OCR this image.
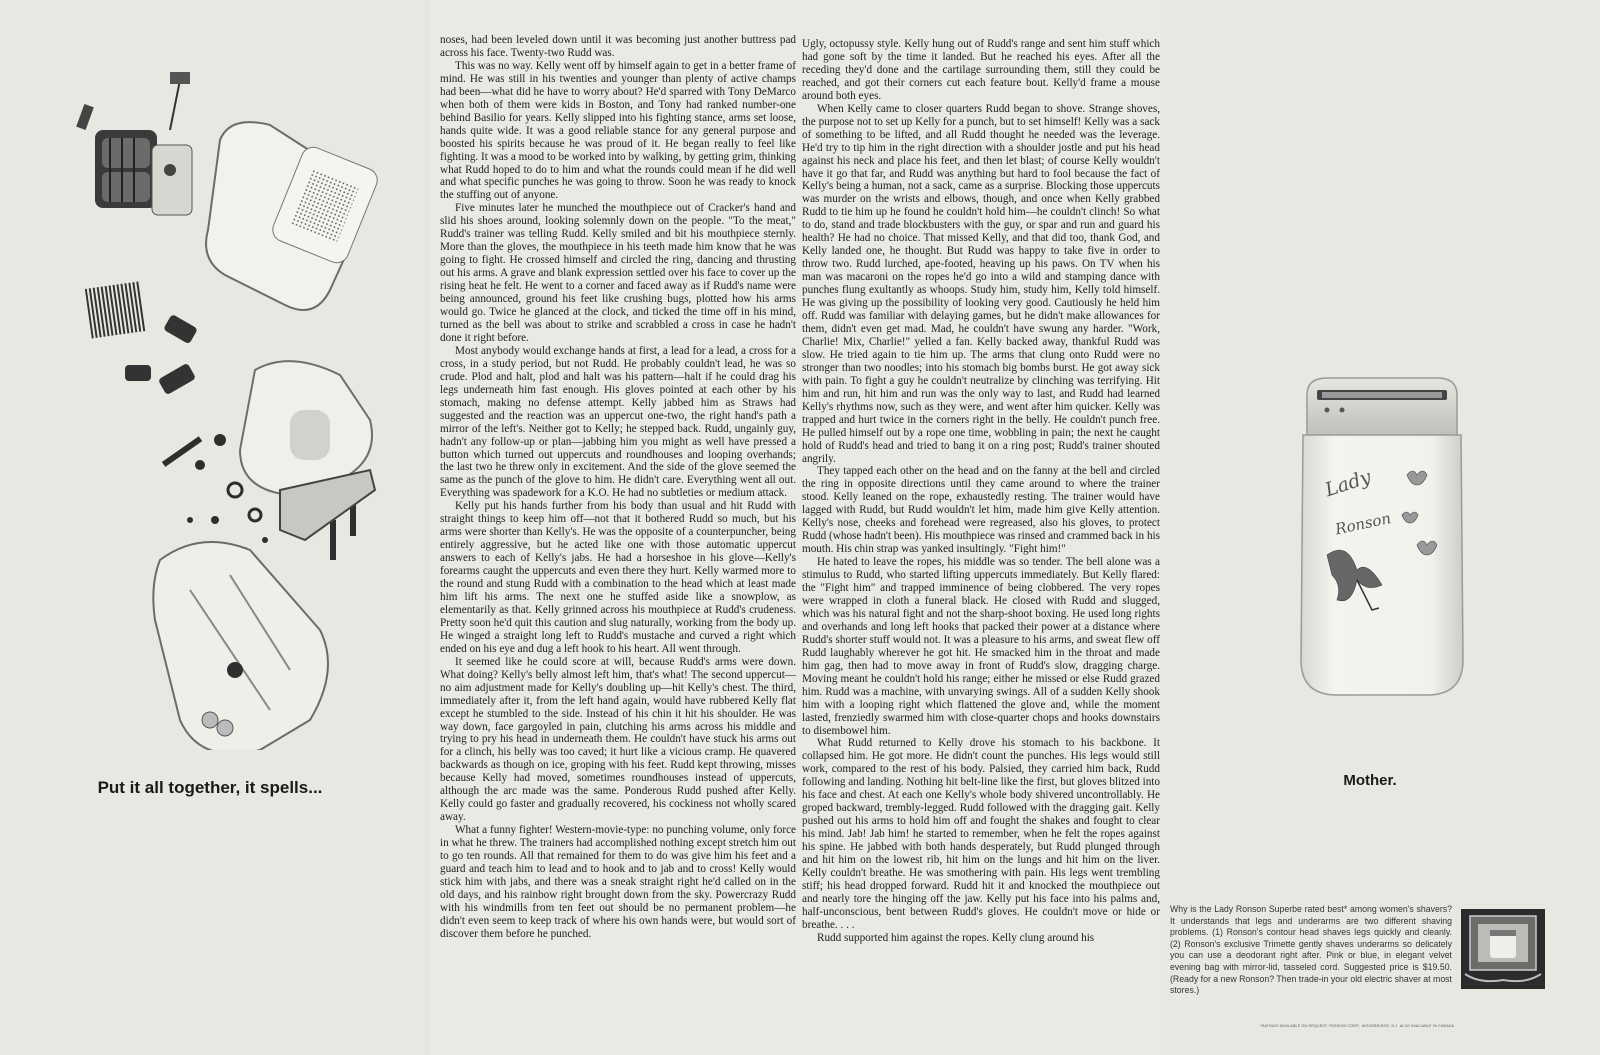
Put it all together, it spells...

noses, had been leveled down until it was becoming just another buttress pad across his face. Twenty-two Rudd was.

This was no way. Kelly went off by himself again to get in a better frame of mind. He was still in his twenties and younger than plenty of active champs had been—what did he have to worry about? He'd sparred with Tony DeMarco when both of them were kids in Boston, and Tony had ranked number-one behind Basilio for years. Kelly slipped into his fighting stance, arms set loose, hands quite wide. It was a good reliable stance for any general purpose and boosted his spirits because he was proud of it. He began really to feel like fighting. It was a mood to be worked into by walking, by getting grim, thinking what Rudd hoped to do to him and what the rounds could mean if he did well and what specific punches he was going to throw. Soon he was ready to knock the stuffing out of anyone.

Five minutes later he munched the mouthpiece out of Cracker's hand and slid his shoes around, looking solemnly down on the people. "To the meat," Rudd's trainer was telling Rudd. Kelly smiled and bit his mouthpiece sternly. More than the gloves, the mouthpiece in his teeth made him know that he was going to fight. He crossed himself and circled the ring, dancing and thrusting out his arms. A grave and blank expression settled over his face to cover up the rising heat he felt. He went to a corner and faced away as if Rudd's name were being announced, ground his feet like crushing bugs, plotted how his arms would go. Twice he glanced at the clock, and ticked the time off in his mind, turned as the bell was about to strike and scrabbled a cross in case he hadn't done it right before.

Most anybody would exchange hands at first, a lead for a lead, a cross for a cross, in a study period, but not Rudd. He probably couldn't lead, he was so crude. Plod and halt, plod and halt was his pattern—halt if he could drag his legs underneath him fast enough. His gloves pointed at each other by his stomach, making no defense attempt. Kelly jabbed him as Straws had suggested and the reaction was an uppercut one-two, the right hand's path a mirror of the left's. Neither got to Kelly; he stepped back. Rudd, ungainly guy, hadn't any follow-up or plan—jabbing him you might as well have pressed a button which turned out uppercuts and roundhouses and looping overhands; the last two he threw only in excitement. And the side of the glove seemed the same as the punch of the glove to him. He didn't care. Everything went all out. Everything was spadework for a K.O. He had no subtleties or medium attack.

Kelly put his hands further from his body than usual and hit Rudd with straight things to keep him off—not that it bothered Rudd so much, but his arms were shorter than Kelly's. He was the opposite of a counterpuncher, being entirely aggressive, but he acted like one with those automatic uppercut answers to each of Kelly's jabs. He had a horseshoe in his glove—Kelly's forearms caught the uppercuts and even there they hurt. Kelly warmed more to the round and stung Rudd with a combination to the head which at least made him lift his arms. The next one he stuffed aside like a snowplow, as elementarily as that. Kelly grinned across his mouthpiece at Rudd's crudeness. Pretty soon he'd quit this caution and slug naturally, working from the body up. He winged a straight long left to Rudd's mustache and curved a right which ended on his eye and dug a left hook to his heart. All went through.

It seemed like he could score at will, because Rudd's arms were down. What doing? Kelly's belly almost left him, that's what! The second uppercut—no aim adjustment made for Kelly's doubling up—hit Kelly's chest. The third, immediately after it, from the left hand again, would have rubbered Kelly flat except he stumbled to the side. Instead of his chin it hit his shoulder. He was way down, face gargoyled in pain, clutching his arms across his middle and trying to pry his head in underneath them. He couldn't have stuck his arms out for a clinch, his belly was too caved; it hurt like a vicious cramp. He quavered backwards as though on ice, groping with his feet. Rudd kept throwing, misses because Kelly had moved, sometimes roundhouses instead of uppercuts, although the arc made was the same. Ponderous Rudd pushed after Kelly. Kelly could go faster and gradually recovered, his cockiness not wholly scared away.

What a funny fighter! Western-movie-type: no punching volume, only force in what he threw. The trainers had accomplished nothing except stretch him out to go ten rounds. All that remained for them to do was give him his feet and a guard and teach him to lead and to hook and to jab and to cross! Kelly would stick him with jabs, and there was a sneak straight right he'd called on in the old days, and his rainbow right brought down from the sky. Powercrazy Rudd with his windmills from ten feet out should be no permanent problem—he didn't even seem to keep track of where his own hands were, but would sort of discover them before he punched.

Ugly, octopussy style. Kelly hung out of Rudd's range and sent him stuff which had gone soft by the time it landed. But he reached his eyes. After all the receding they'd done and the cartilage surrounding them, still they could be reached, and got their corners cut each feature bout. Kelly'd frame a mouse around both eyes.

When Kelly came to closer quarters Rudd began to shove. Strange shoves, the purpose not to set up Kelly for a punch, but to set himself! Kelly was a sack of something to be lifted, and all Rudd thought he needed was the leverage. He'd try to tip him in the right direction with a shoulder jostle and put his head against his neck and place his feet, and then let blast; of course Kelly wouldn't have it go that far, and Rudd was anything but hard to fool because the fact of Kelly's being a human, not a sack, came as a surprise. Blocking those uppercuts was murder on the wrists and elbows, though, and once when Kelly grabbed Rudd to tie him up he found he couldn't hold him—he couldn't clinch! So what to do, stand and trade blockbusters with the guy, or spar and run and guard his health? He had no choice. That missed Kelly, and that did too, thank God, and Kelly landed one, he thought. But Rudd was happy to take five in order to throw two. Rudd lurched, ape-footed, heaving up his paws. On TV when his man was macaroni on the ropes he'd go into a wild and stamping dance with punches flung exultantly as whoops. Study him, study him, Kelly told himself. He was giving up the possibility of looking very good. Cautiously he held him off. Rudd was familiar with delaying games, but he didn't make allowances for them, didn't even get mad. Mad, he couldn't have swung any harder. "Work, Charlie! Mix, Charlie!" yelled a fan. Kelly backed away, thankful Rudd was slow. He tried again to tie him up. The arms that clung onto Rudd were no stronger than two noodles; into his stomach big bombs burst. He got away sick with pain. To fight a guy he couldn't neutralize by clinching was terrifying. Hit him and run, hit him and run was the only way to last, and Rudd had learned Kelly's rhythms now, such as they were, and went after him quicker. Kelly was trapped and hurt twice in the corners right in the belly. He couldn't punch free. He pulled himself out by a rope one time, wobbling in pain; the next he caught hold of Rudd's head and tried to bang it on a ring post; Rudd's trainer shouted angrily.

They tapped each other on the head and on the fanny at the bell and circled the ring in opposite directions until they came around to where the trainer stood. Kelly leaned on the rope, exhaustedly resting. The trainer would have lagged with Rudd, but Rudd wouldn't let him, made him give Kelly attention. Kelly's nose, cheeks and forehead were regreased, also his gloves, to protect Rudd (whose hadn't been). His mouthpiece was rinsed and crammed back in his mouth. His chin strap was yanked insultingly. "Fight him!"

He hated to leave the ropes, his middle was so tender. The bell alone was a stimulus to Rudd, who started lifting uppercuts immediately. But Kelly flared: the "Fight him" and trapped imminence of being clobbered. The very ropes were wrapped in cloth a funeral black. He closed with Rudd and slugged, which was his natural fight and not the sharp-shoot boxing. He used long rights and overhands and long left hooks that packed their power at a distance where Rudd's shorter stuff would not. It was a pleasure to his arms, and sweat flew off Rudd laughably wherever he got hit. He smacked him in the throat and made him gag, then had to move away in front of Rudd's slow, dragging charge. Moving meant he couldn't hold his range; either he missed or else Rudd grazed him. Rudd was a machine, with unvarying swings. All of a sudden Kelly shook him with a looping right which flattened the glove and, while the moment lasted, frenziedly swarmed him with close-quarter chops and hooks downstairs to disembowel him.

What Rudd returned to Kelly drove his stomach to his backbone. It collapsed him. He got more. He didn't count the punches. His legs would still work, compared to the rest of his body. Palsied, they carried him back, Rudd following and landing. Nothing hit belt-line like the first, but gloves blitzed into his face and chest. At each one Kelly's whole body shivered uncontrollably. He groped backward, trembly-legged. Rudd followed with the dragging gait. Kelly pushed out his arms to hold him off and fought the shakes and fought to clear his mind. Jab! Jab him! he started to remember, when he felt the ropes against his spine. He jabbed with both hands desperately, but Rudd plunged through and hit him on the lowest rib, hit him on the lungs and hit him on the liver. Kelly couldn't breathe. He was smothering with pain. His legs went trembling stiff; his head dropped forward. Rudd hit it and knocked the mouthpiece out and nearly tore the hinging off the jaw. Kelly put his face into his palms and, half-unconscious, bent between Rudd's gloves. He couldn't move or hide or breathe. . . .

Rudd supported him against the ropes. Kelly clung around his

Lady
Ronson
Mother.
Why is the Lady Ronson Superbe rated best* among women's shavers? It understands that legs and underarms are two different shaving problems. (1) Ronson's contour head shaves legs quickly and cleanly. (2) Ronson's exclusive Trimette gently shaves underarms so delicately you can use a deodorant right after. Pink or blue, in elegant velvet evening bag with mirror-lid, tasseled cord. Suggested price is $19.50. (Ready for a new Ronson? Then trade-in your old electric shaver at most stores.)
*RATINGS AVAILABLE ON REQUEST. RONSON CORP., WOODBRIDGE, N.J. ALSO AVAILABLE IN CANADA
